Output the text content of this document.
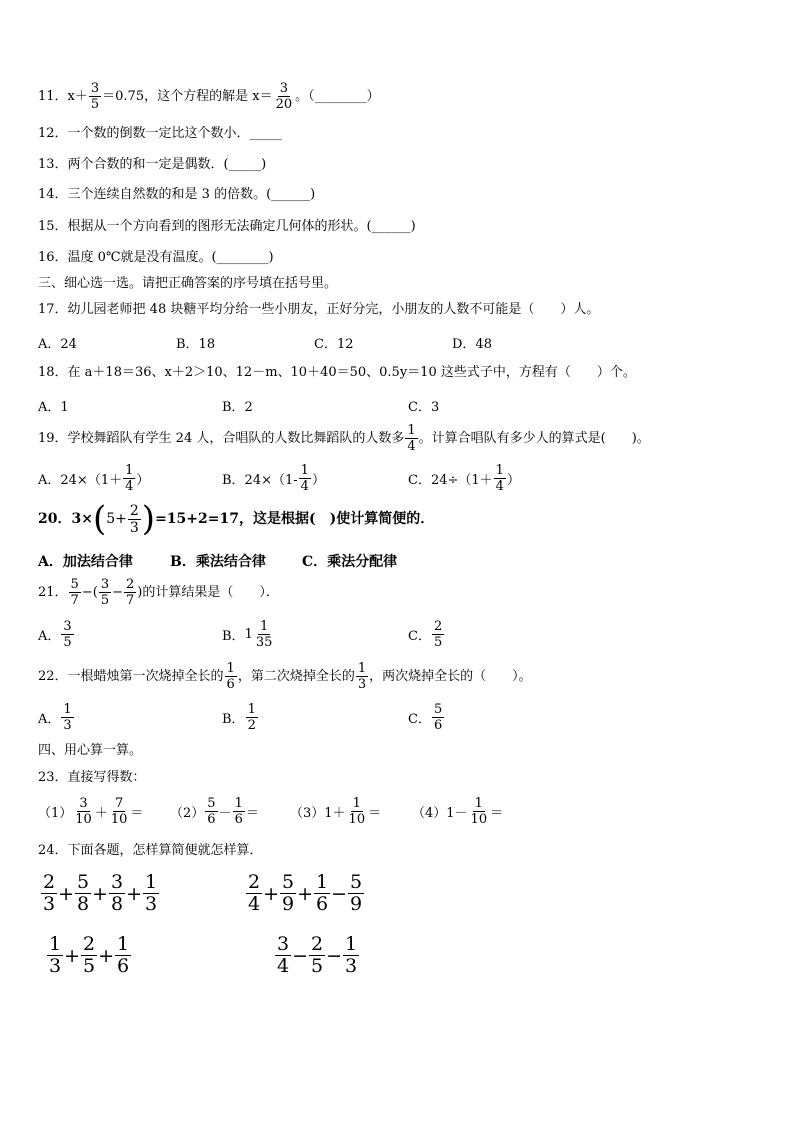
11．$x+ \frac{3}{5} =0.75$，这个方程的解是 $x= \frac{3}{20}$ 。（________）
12．一个数的倒数一定比这个数小．_____
13．两个合数的和一定是偶数．(_____)
14．三个连续自然数的和是 3 的倍数。(______)
15．根据从一个方向看到的图形无法确定几何体的形状。(______)
16．温度 0℃就是没有温度。(________)
三、细心选一选。请把正确答案的序号填在括号里。
17．幼儿园老师把 48 块糖平均分给一些小朋友，正好分完，小朋友的人数不可能是（　　）人。
A．24	B．18	C．12	D．48
18．在 a＋18＝36、x＋2＞10、12－m、10＋40＝50、0.5y＝10 这些式子中，方程有（　　）个。
A．1	B．2	C．3
19．学校舞蹈队有学生 24 人，合唱队的人数比舞蹈队的人数多 $\frac{1}{4}$ 。计算合唱队有多少人的算式是(　　)。
A．$24\times(1+ \frac{1}{4}$ ）	B．$24\times(1- \frac{1}{4}$ ）	C．$24\div(1+ \frac{1}{4}$ ）
20．3× ( $5+ \frac{2}{3}$ ) =15+2=17，这是根据(　)使计算简便的．
A．加法结合律	B．乘法结合律	C．乘法分配律
21． $\frac{5}{7}$ − ( $\frac{3}{5} - \frac{2}{7}$ ) 的计算结果是（　　）．
A． $\frac{3}{5}$	B． $1 \frac{1}{35}$	C． $\frac{2}{5}$
22．一根蜡烛第一次烧掉全长的 $\frac{1}{6}$ ，第二次烧掉全长的 $\frac{1}{3}$ ，两次烧掉全长的（　　）。
A． $\frac{1}{3}$	B． $\frac{1}{2}$	C． $\frac{5}{6}$
四、用心算一算。
23．直接写得数：
$(1) \frac{3}{10} + \frac{7}{10} = (2) \frac{5}{6} - \frac{1}{6} = (3)1+ \frac{1}{10} = (4)1- \frac{1}{10}$ ＝
24．下面各题，怎样算简便就怎样算．
$\frac{2}{3} + \frac{5}{8} + \frac{3}{8} + \frac{1}{3}$	$\frac{2}{4} + \frac{5}{9} + \frac{1}{6} - \frac{5}{9}$
$\frac{1}{3} + \frac{2}{5} + \frac{1}{6}$	$\frac{3}{4} - \frac{2}{5} - \frac{1}{3}$
